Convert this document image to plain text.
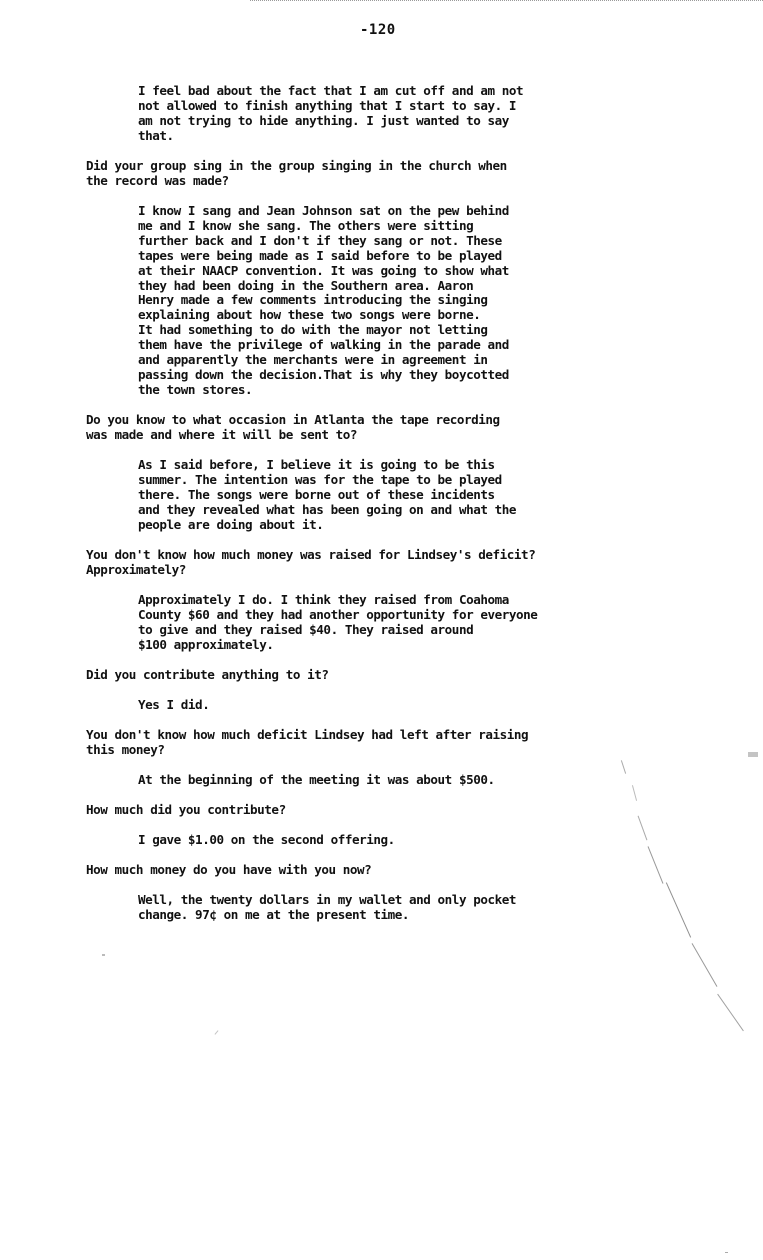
-120

I feel bad about the fact that I am cut off and am not
not allowed to finish anything that I start to say. I
am not trying to hide anything. I just wanted to say
that.

Did your group sing in the group singing in the church when
the record was made?

I know I sang and Jean Johnson sat on the pew behind
me and I know she sang. The others were sitting
further back and I don't if they sang or not. These
tapes were being made as I said before to be played
at their NAACP convention. It was going to show what
they had been doing in the Southern area. Aaron
Henry made a few comments introducing the singing
explaining about how these two songs were borne.
It had something to do with the mayor not letting
them have the privilege of walking in the parade and
and apparently the merchants were in agreement in
passing down the decision.That is why they boycotted
the town stores.

Do you know to what occasion in Atlanta the tape recording
was made and where it will be sent to?

As I said before, I believe it is going to be this
summer. The intention was for the tape to be played
there. The songs were borne out of these incidents
and they revealed what has been going on and what the
people are doing about it.

You don't know how much money was raised for Lindsey's deficit?
Approximately?

Approximately I do. I think they raised from Coahoma
County $60 and they had another opportunity for everyone
to give and they raised $40. They raised around
$100 approximately.

Did you contribute anything to it?

Yes I did.

You don't know how much deficit Lindsey had left after raising
this money?

At the beginning of the meeting it was about $500.

How much did you contribute?

I gave $1.00 on the second offering.

How much money do you have with you now?

Well, the twenty dollars in my wallet and only pocket
change. 97¢ on me at the present time.
